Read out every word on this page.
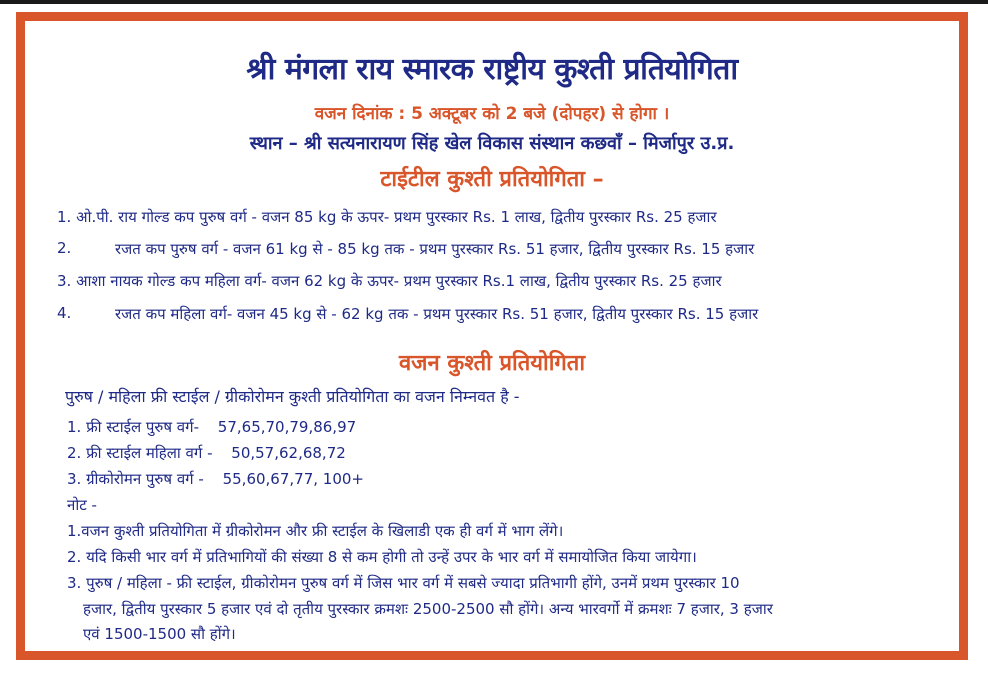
श्री मंगला राय स्मारक राष्ट्रीय कुश्ती प्रतियोगिता

वजन दिनांक : 5 अक्टूबर को 2 बजे (दोपहर) से होगा ।

स्थान – श्री सत्यनारायण सिंह खेल विकास संस्थान कछवाँ – मिर्जापुर उ.प्र.

टाईटील कुश्ती प्रतियोगिता –
1. ओ.पी. राय गोल्ड कप पुरुष वर्ग - वजन 85 kg के ऊपर- प्रथम पुरस्कार Rs. 1 लाख, द्वितीय पुरस्कार Rs. 25 हजार
2.	रजत कप पुरुष वर्ग - वजन 61 kg से - 85 kg तक - प्रथम पुरस्कार Rs. 51 हजार, द्वितीय पुरस्कार Rs. 15 हजार
3. आशा नायक गोल्ड कप महिला वर्ग- वजन 62 kg के ऊपर- प्रथम पुरस्कार Rs.1 लाख, द्वितीय पुरस्कार Rs. 25 हजार
4.	रजत कप महिला वर्ग- वजन 45 kg से - 62 kg तक - प्रथम पुरस्कार Rs. 51 हजार, द्वितीय पुरस्कार Rs. 15 हजार
वजन कुश्ती प्रतियोगिता

पुरुष / महिला फ्री स्टाईल / ग्रीकोरोमन कुश्ती प्रतियोगिता का वजन निम्नवत है -

1. फ्री स्टाईल पुरुष वर्ग- 57,65,70,79,86,97
2. फ्री स्टाईल महिला वर्ग - 50,57,62,68,72
3. ग्रीकोरोमन पुरुष वर्ग - 55,60,67,77, 100+

नोट -

1.वजन कुश्ती प्रतियोगिता में ग्रीकोरोमन और फ्री स्टाईल के खिलाडी एक ही वर्ग में भाग लेंगे।

2. यदि किसी भार वर्ग में प्रतिभागियों की संख्या 8 से कम होगी तो उन्हें उपर के भार वर्ग में समायोजित किया जायेगा।

3. पुरुष / महिला - फ्री स्टाईल, ग्रीकोरोमन पुरुष वर्ग में जिस भार वर्ग में सबसे ज्यादा प्रतिभागी होंगे, उनमें प्रथम पुरस्कार 10

हजार, द्वितीय पुरस्कार 5 हजार एवं दो तृतीय पुरस्कार क्रमशः 2500-2500 सौ होंगे। अन्य भारवर्गो में क्रमशः 7 हजार, 3 हजार

एवं 1500-1500 सौ होंगे।
